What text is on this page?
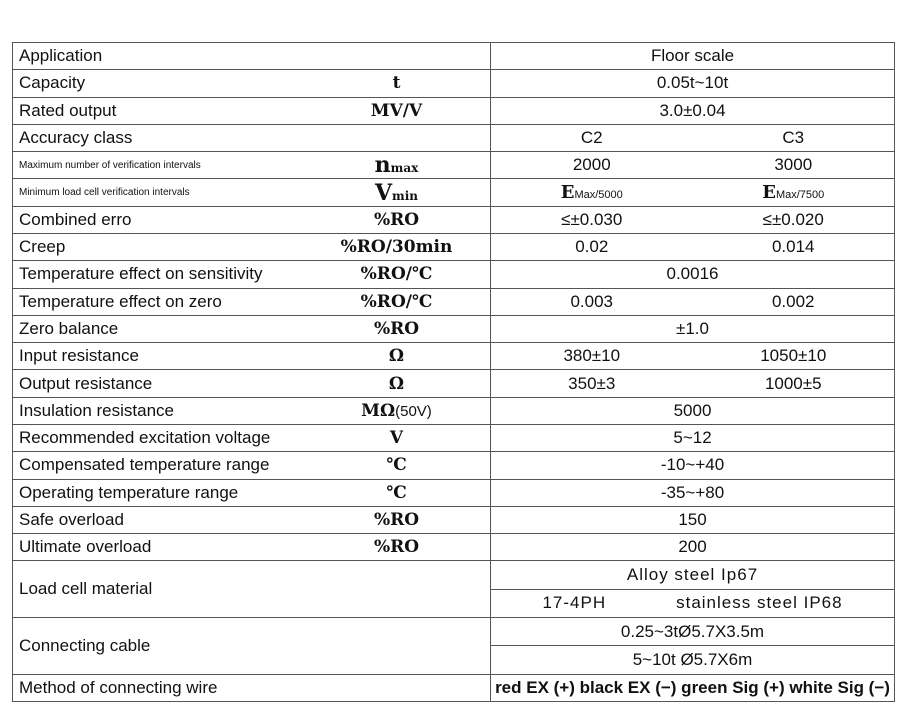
Application	Floor scale

Capacity t	0.05t~10t

Rated output MV/V	3.0±0.04

Accuracy class	C2 C3

Maximum number of verification intervals nmax	2000 3000

Minimum load cell verification intervals Vmin	EMax/5000 EMax/7500

Combined erro %RO	≤±0.030 ≤±0.020

Creep %RO/30min	0.02 0.014

Temperature effect on sensitivity %RO/℃	0.0016

Temperature effect on zero %RO/℃	0.003 0.002

Zero balance %RO	±1.0

Input resistance Ω	380±10 1050±10

Output resistance Ω	350±3 1000±5

Insulation resistance MΩ(50V)	5000

Recommended excitation voltage V	5~12

Compensated temperature range ℃	-10~+40

Operating temperature range ℃	-35~+80

Safe overload %RO	150

Ultimate overload %RO	200
Load cell material	Alloy steel Ip67
	17-4PH stainless steel IP68
Connecting cable	0.25~3tØ5.7X3.5m
	5~10t Ø5.7X6m
Method of connecting wire	red EX (+) black EX (−) green Sig (+) white Sig (−)
